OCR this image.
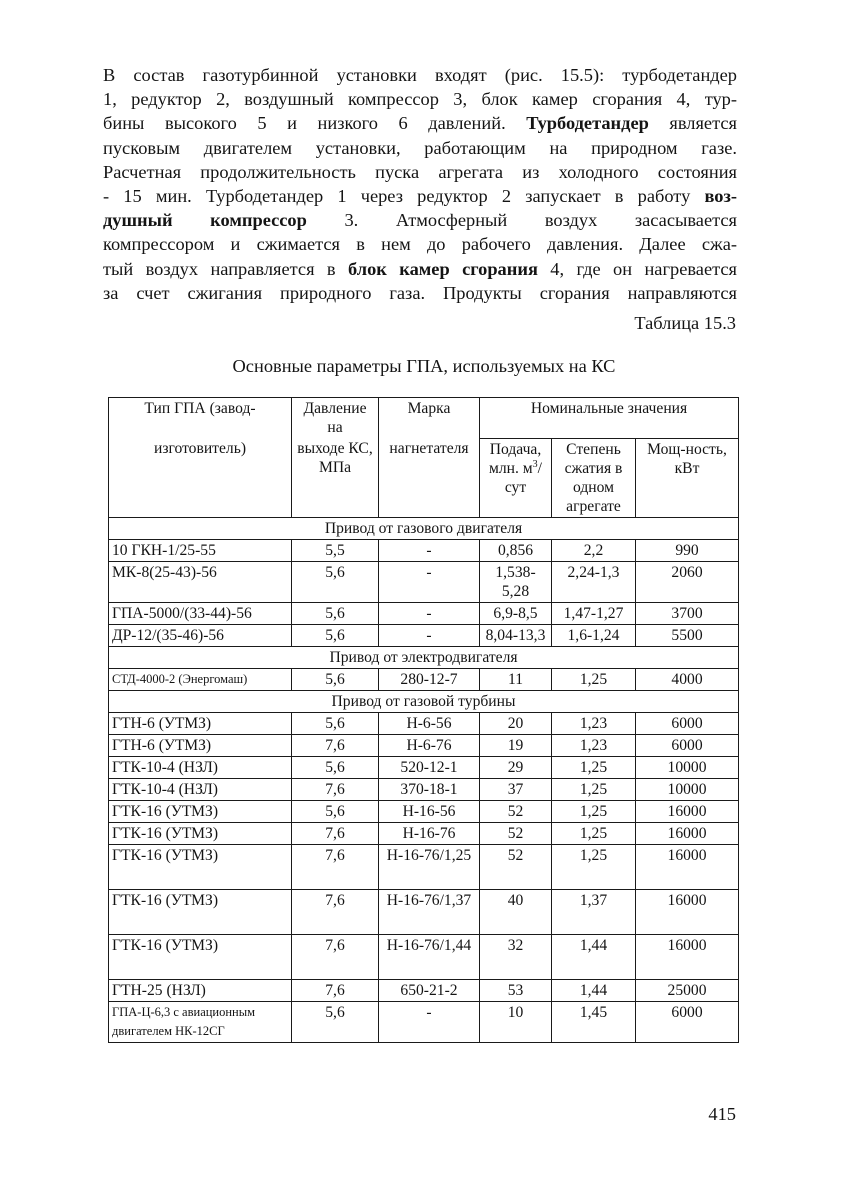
В состав газотурбинной установки входят (рис. 15.5): турбодетандер
1, редуктор 2, воздушный компрессор 3, блок камер сгорания 4, тур-
бины высокого 5 и низкого 6 давлений. Турбодетандер является
пусковым двигателем установки, работающим на природном газе.
Расчетная продолжительность пуска агрегата из холодного состояния
- 15 мин. Турбодетандер 1 через редуктор 2 запускает в работу воз-
душный компрессор 3. Атмосферный воздух засасывается
компрессором и сжимается в нем до рабочего давления. Далее сжа-
тый воздух направляется в блок камер сгорания 4, где он нагревается
за счет сжигания природного газа. Продукты сгорания направляются
Таблица 15.3
Основные параметры ГПА, используемых на КС
Тип ГПА (завод-	Давление на	Марка	Номинальные значения		
изготовитель)	выходе КС, МПа	нагнетателя	Подача, млн. $м^3$/сут	Степень сжатия в одном агрегате	Мощ-ность, кВт
Привод от газового двигателя					
10 ГКН-1/25-55	5,5	-	0,856	2,2	990
МК-8(25-43)-56	5,6	-	1,538-5,28	2,24-1,3	2060
ГПА-5000/(33-44)-56	5,6	-	6,9-8,5	1,47-1,27	3700
ДР-12/(35-46)-56	5,6	-	8,04-13,3	1,6-1,24	5500
Привод от электродвигателя					
СТД-4000-2 (Энергомаш)	5,6	280-12-7	11	1,25	4000
Привод от газовой турбины					
ГТН-6 (УТМЗ)	5,6	Н-6-56	20	1,23	6000
ГТН-6 (УТМЗ)	7,6	Н-6-76	19	1,23	6000
ГТК-10-4 (НЗЛ)	5,6	520-12-1	29	1,25	10000
ГТК-10-4 (НЗЛ)	7,6	370-18-1	37	1,25	10000
ГТК-16 (УТМЗ)	5,6	Н-16-56	52	1,25	16000
ГТК-16 (УТМЗ)	7,6	Н-16-76	52	1,25	16000
ГТК-16 (УТМЗ)	7,6	Н-16-76/1,25	52	1,25	16000
ГТК-16 (УТМЗ)	7,6	Н-16-76/1,37	40	1,37	16000
ГТК-16 (УТМЗ)	7,6	Н-16-76/1,44	32	1,44	16000
ГТН-25 (НЗЛ)	7,6	650-21-2	53	1,44	25000
ГПА-Ц-6,3 с авиационным двигателем НК-12СГ	5,6	-	10	1,45	6000
415
